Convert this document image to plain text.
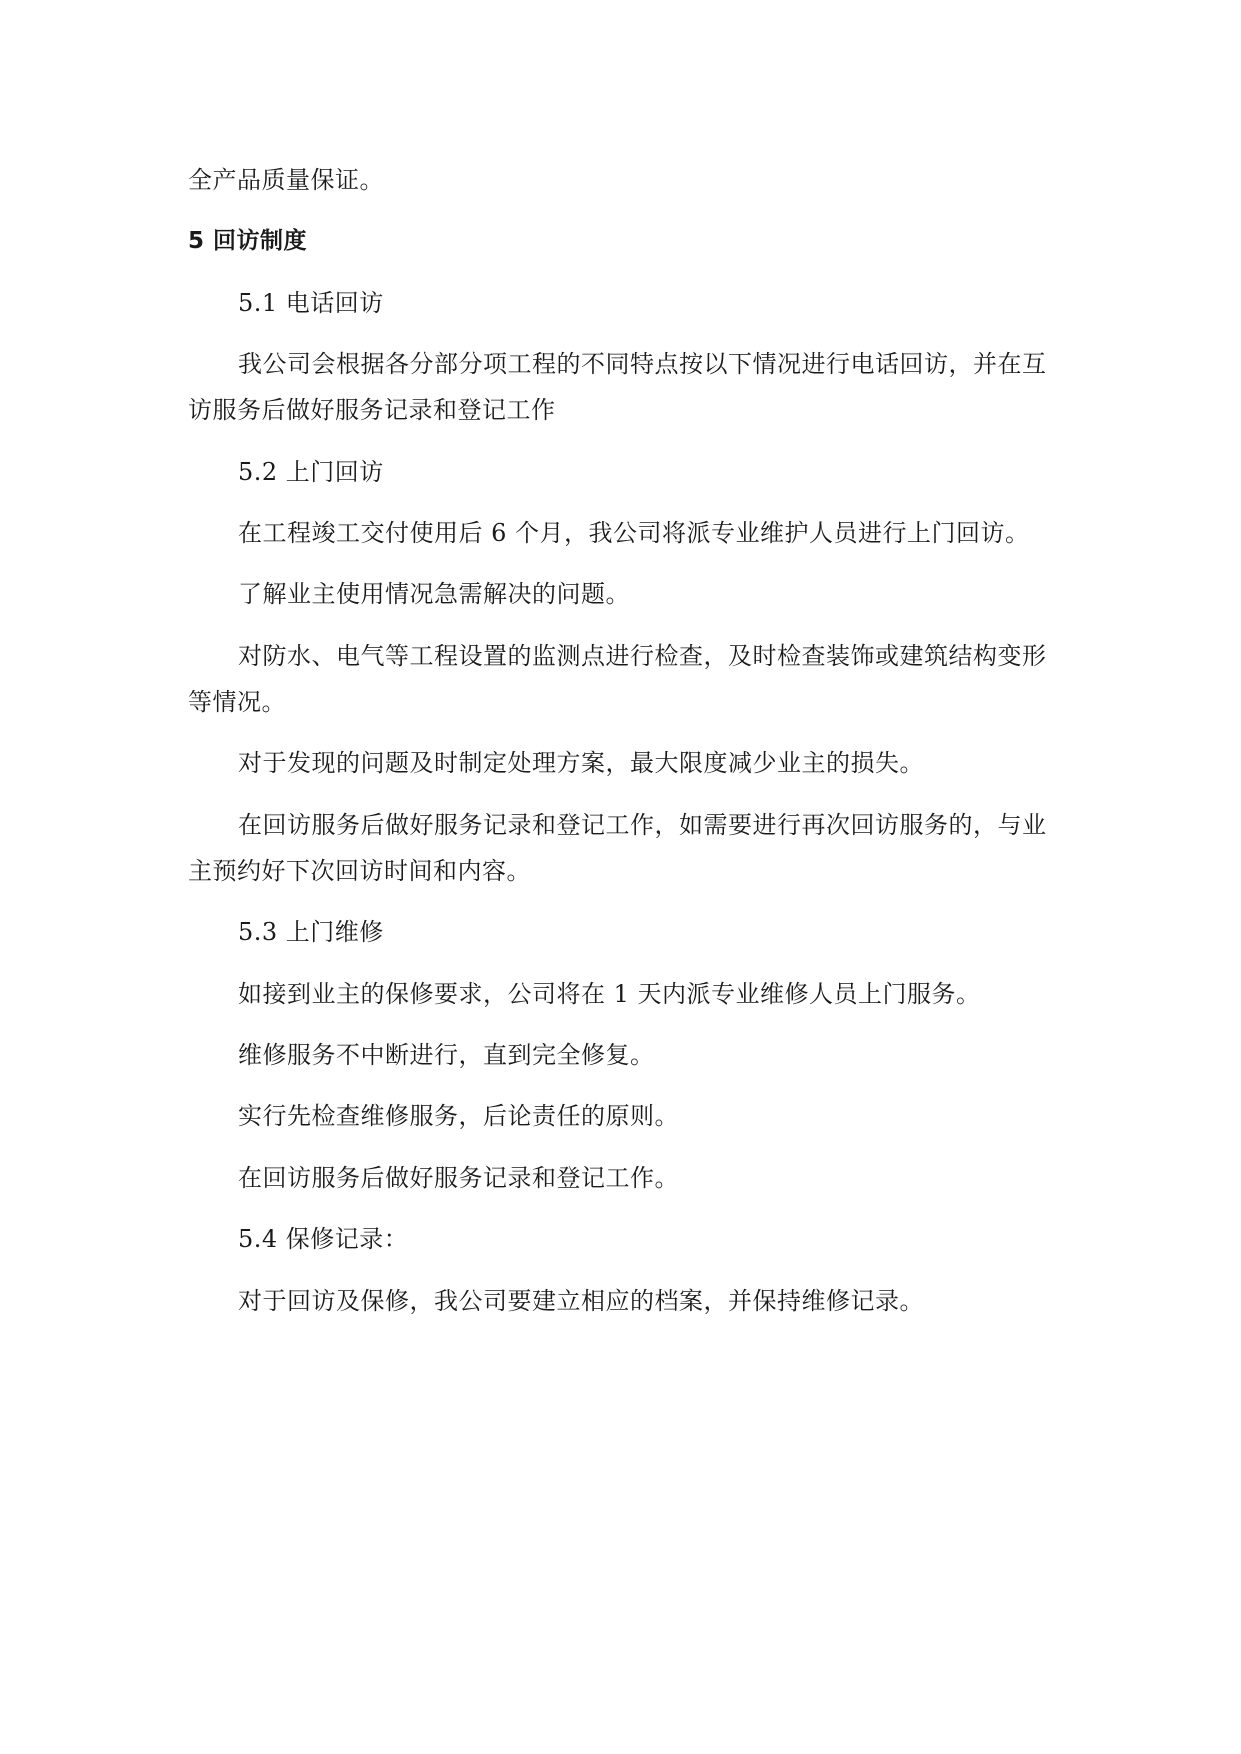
全产品质量保证。

5 回访制度

5.1 电话回访

我公司会根据各分部分项工程的不同特点按以下情况进行电话回访，并在互

访服务后做好服务记录和登记工作

5.2 上门回访

在工程竣工交付使用后 6 个月，我公司将派专业维护人员进行上门回访。

了解业主使用情况急需解决的问题。

对防水、电气等工程设置的监测点进行检查，及时检查装饰或建筑结构变形

等情况。

对于发现的问题及时制定处理方案，最大限度减少业主的损失。

在回访服务后做好服务记录和登记工作，如需要进行再次回访服务的，与业

主预约好下次回访时间和内容。

5.3 上门维修

如接到业主的保修要求，公司将在 1 天内派专业维修人员上门服务。

维修服务不中断进行，直到完全修复。

实行先检查维修服务，后论责任的原则。

在回访服务后做好服务记录和登记工作。

5.4 保修记录：

对于回访及保修，我公司要建立相应的档案，并保持维修记录。
